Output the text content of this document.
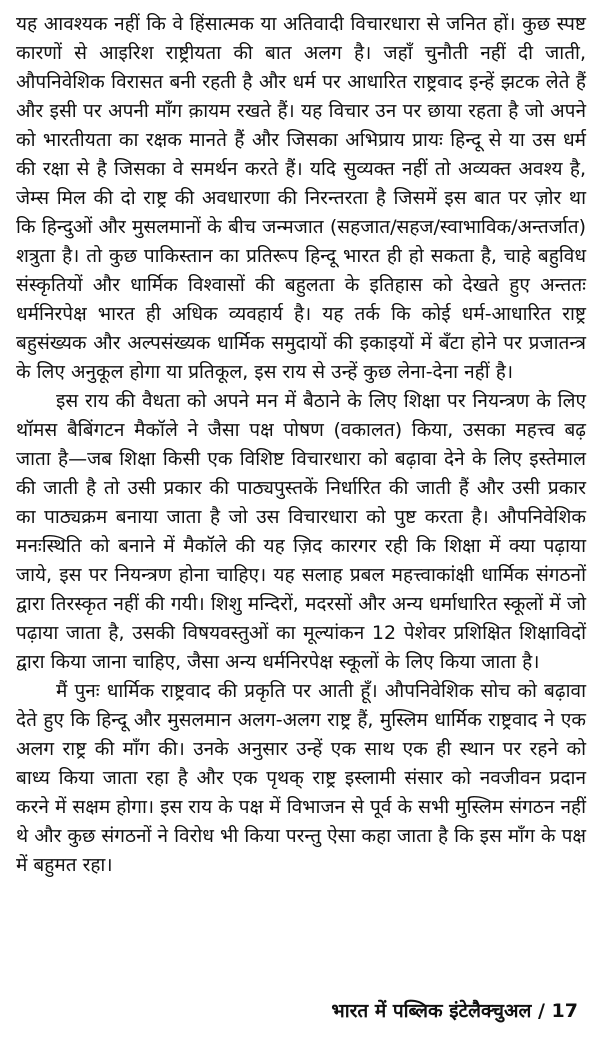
यह आवश्यक नहीं कि वे हिंसात्मक या अतिवादी विचारधारा से जनित हों। कुछ स्पष्ट कारणों से आइरिश राष्ट्रीयता की बात अलग है। जहाँ चुनौती नहीं दी जाती, औपनिवेशिक विरासत बनी रहती है और धर्म पर आधारित राष्ट्रवाद इन्हें झटक लेते हैं और इसी पर अपनी माँग क़ायम रखते हैं। यह विचार उन पर छाया रहता है जो अपने को भारतीयता का रक्षक मानते हैं और जिसका अभिप्राय प्रायः हिन्दू से या उस धर्म की रक्षा से है जिसका वे समर्थन करते हैं। यदि सुव्यक्त नहीं तो अव्यक्त अवश्य है, जेम्स मिल की दो राष्ट्र की अवधारणा की निरन्तरता है जिसमें इस बात पर ज़ोर था कि हिन्दुओं और मुसलमानों के बीच जन्मजात (सहजात/सहज/स्वाभाविक/अन्तर्जात) शत्रुता है। तो कुछ पाकिस्तान का प्रतिरूप हिन्दू भारत ही हो सकता है, चाहे बहुविध संस्कृतियों और धार्मिक विश्वासों की बहुलता के इतिहास को देखते हुए अन्ततः धर्मनिरपेक्ष भारत ही अधिक व्यवहार्य है। यह तर्क कि कोई धर्म-आधारित राष्ट्र बहुसंख्यक और अल्पसंख्यक धार्मिक समुदायों की इकाइयों में बँटा होने पर प्रजातन्त्र के लिए अनुकूल होगा या प्रतिकूल, इस राय से उन्हें कुछ लेना-देना नहीं है।

इस राय की वैधता को अपने मन में बैठाने के लिए शिक्षा पर नियन्त्रण के लिए थॉमस बैबिंगटन मैकॉले ने जैसा पक्ष पोषण (वकालत) किया, उसका महत्त्व बढ़ जाता है—जब शिक्षा किसी एक विशिष्ट विचारधारा को बढ़ावा देने के लिए इस्तेमाल की जाती है तो उसी प्रकार की पाठ्यपुस्तकें निर्धारित की जाती हैं और उसी प्रकार का पाठ्यक्रम बनाया जाता है जो उस विचारधारा को पुष्ट करता है। औपनिवेशिक मनःस्थिति को बनाने में मैकॉले की यह ज़िद कारगर रही कि शिक्षा में क्या पढ़ाया जाये, इस पर नियन्त्रण होना चाहिए। यह सलाह प्रबल महत्त्वाकांक्षी धार्मिक संगठनों द्वारा तिरस्कृत नहीं की गयी। शिशु मन्दिरों, मदरसों और अन्य धर्माधारित स्कूलों में जो पढ़ाया जाता है, उसकी विषयवस्तुओं का मूल्यांकन 12 पेशेवर प्रशिक्षित शिक्षाविदों द्वारा किया जाना चाहिए, जैसा अन्य धर्मनिरपेक्ष स्कूलों के लिए किया जाता है।

मैं पुनः धार्मिक राष्ट्रवाद की प्रकृति पर आती हूँ। औपनिवेशिक सोच को बढ़ावा देते हुए कि हिन्दू और मुसलमान अलग-अलग राष्ट्र हैं, मुस्लिम धार्मिक राष्ट्रवाद ने एक अलग राष्ट्र की माँग की। उनके अनुसार उन्हें एक साथ एक ही स्थान पर रहने को बाध्य किया जाता रहा है और एक पृथक् राष्ट्र इस्लामी संसार को नवजीवन प्रदान करने में सक्षम होगा। इस राय के पक्ष में विभाजन से पूर्व के सभी मुस्लिम संगठन नहीं थे और कुछ संगठनों ने विरोध भी किया परन्तु ऐसा कहा जाता है कि इस माँग के पक्ष में बहुमत रहा।

भारत में पब्लिक इंटेलैक्चुअल / 17
